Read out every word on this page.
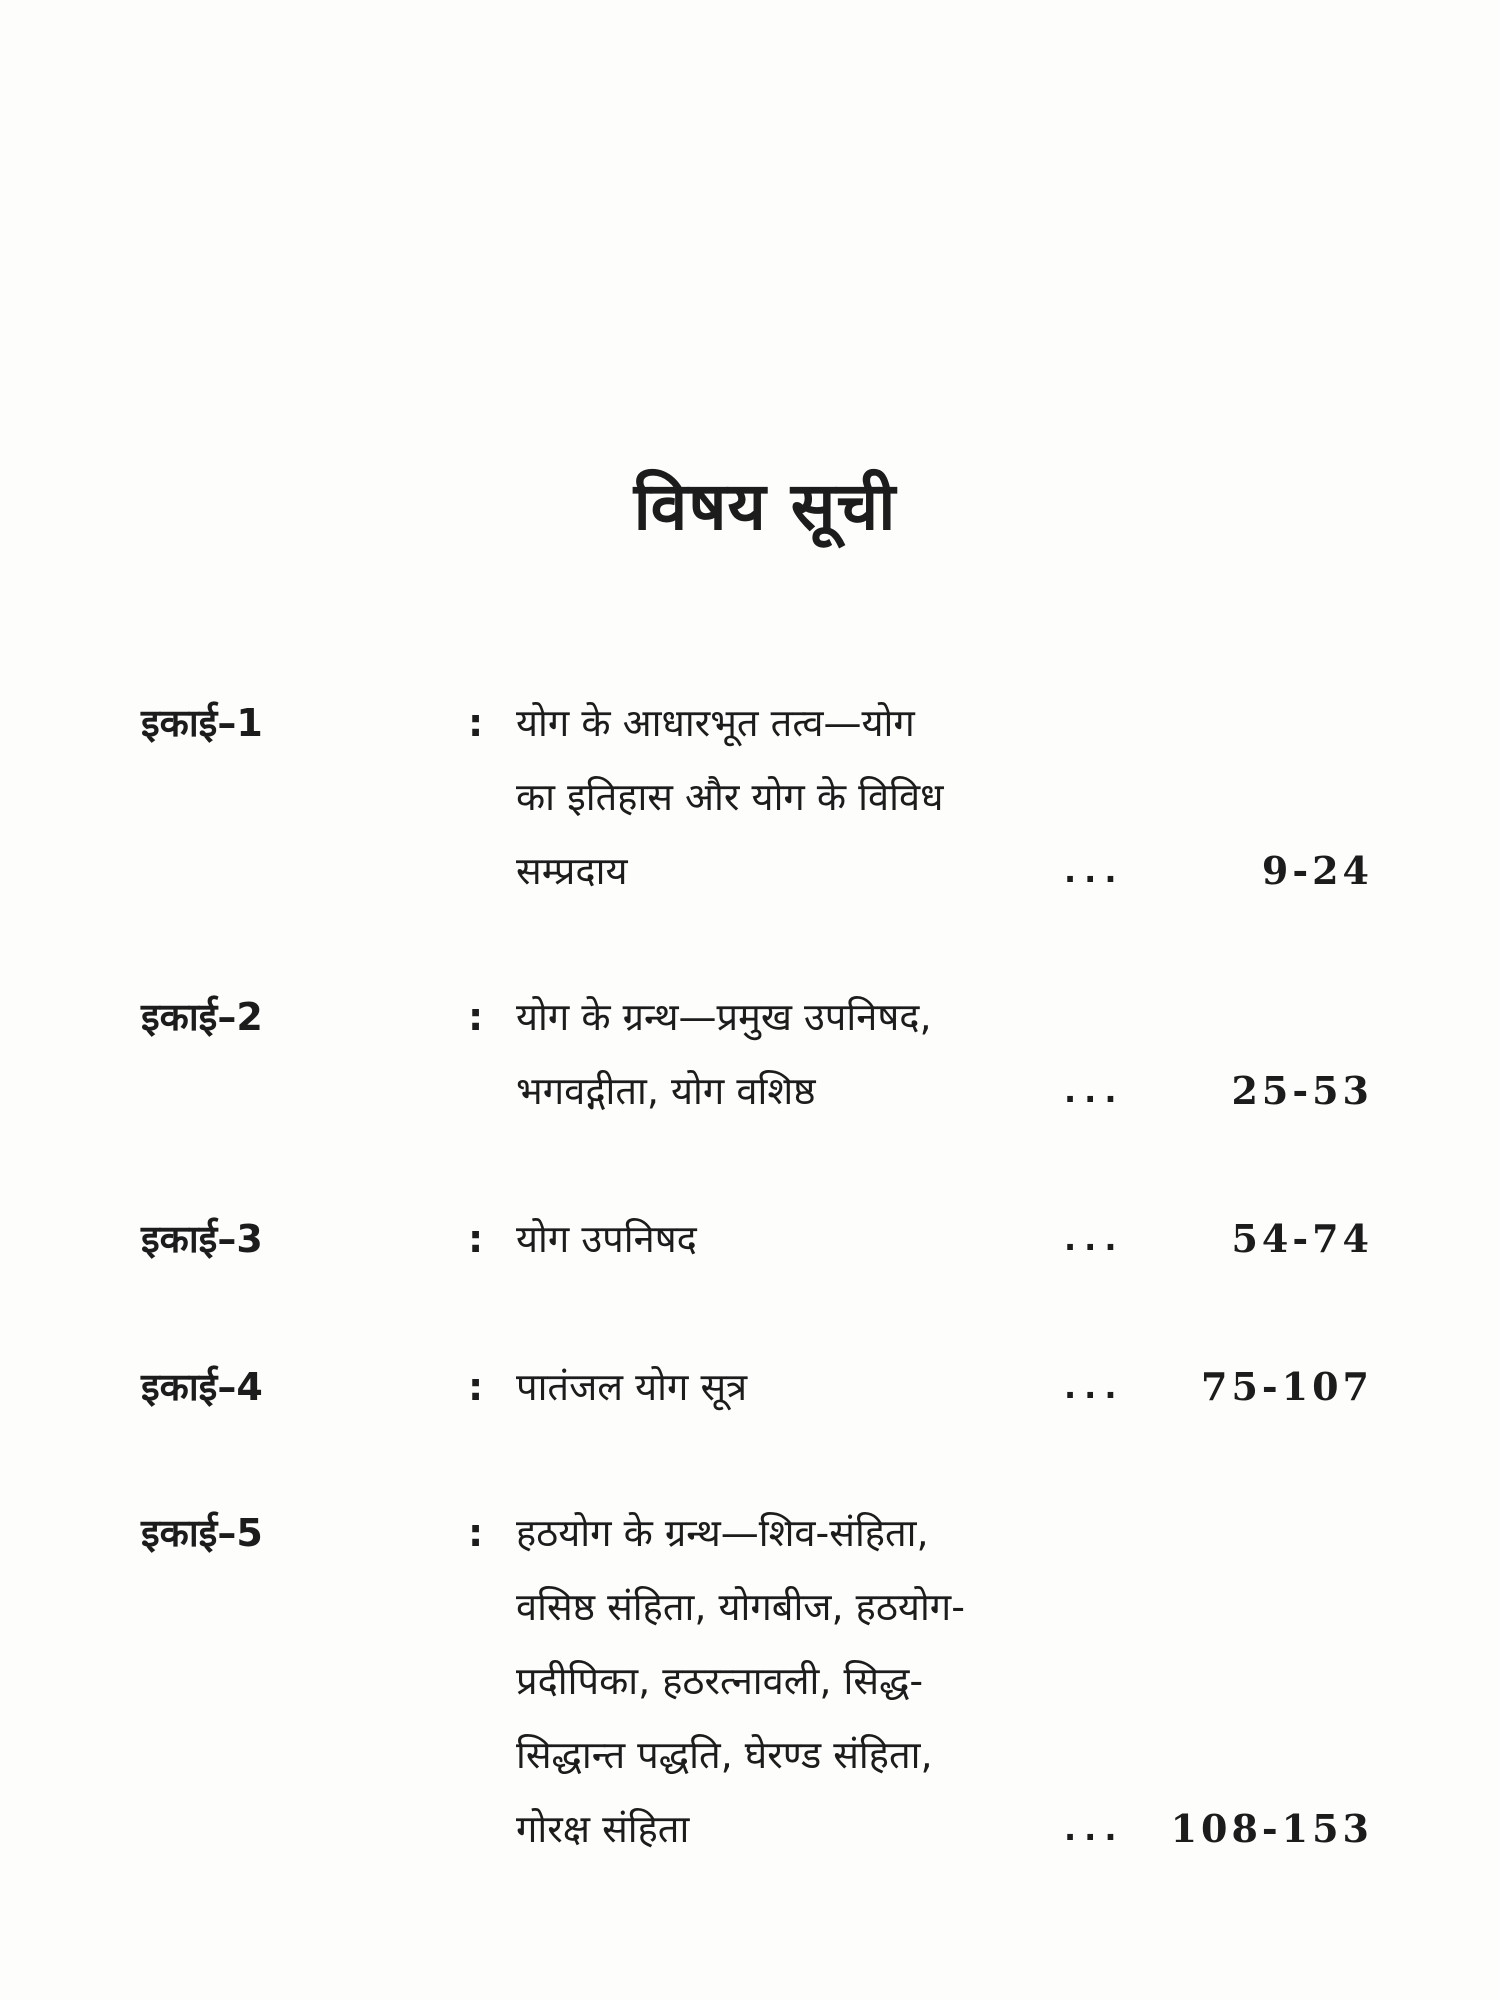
विषय सूची
इकाई–1	: योग के आधारभूत तत्व—योग
का इतिहास और योग के विविध
सम्प्रदाय	...	9-24
इकाई–2	: योग के ग्रन्थ—प्रमुख उपनिषद,
भगवद्गीता, योग वशिष्ठ	...	25-53
इकाई–3	: योग उपनिषद	...	54-74
इकाई–4	: पातंजल योग सूत्र	... 75-107
इकाई–5	: हठयोग के ग्रन्थ—शिव-संहिता,
वसिष्ठ संहिता, योगबीज, हठयोग-
प्रदीपिका, हठरत्नावली, सिद्ध-
सिद्धान्त पद्धति, घेरण्ड संहिता,
गोरक्ष संहिता	... 108-153
